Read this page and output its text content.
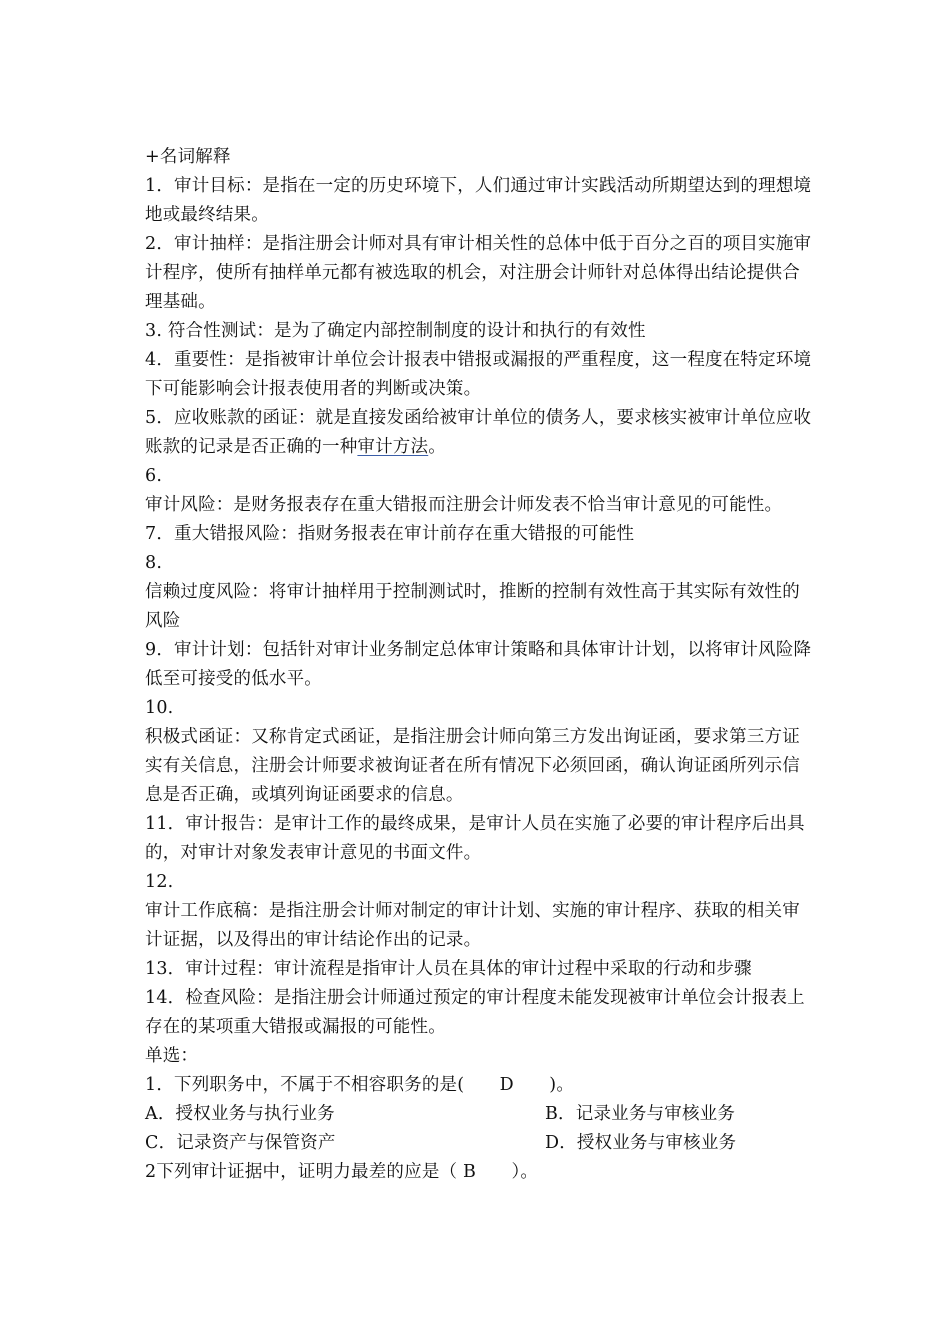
+名词解释

1．审计目标：是指在一定的历史环境下，人们通过审计实践活动所期望达到的理想境地或最终结果。

2．审计抽样：是指注册会计师对具有审计相关性的总体中低于百分之百的项目实施审计程序，使所有抽样单元都有被选取的机会，对注册会计师针对总体得出结论提供合理基础。

3. 符合性测试：是为了确定内部控制制度的设计和执行的有效性

4．重要性：是指被审计单位会计报表中错报或漏报的严重程度，这一程度在特定环境下可能影响会计报表使用者的判断或决策。

5．应收账款的函证：就是直接发函给被审计单位的债务人，要求核实被审计单位应收账款的记录是否正确的一种审计方法。

6.

审计风险：是财务报表存在重大错报而注册会计师发表不恰当审计意见的可能性。

7．重大错报风险：指财务报表在审计前存在重大错报的可能性

8.

信赖过度风险：将审计抽样用于控制测试时，推断的控制有效性高于其实际有效性的风险

9．审计计划：包括针对审计业务制定总体审计策略和具体审计计划，以将审计风险降低至可接受的低水平。

10.

积极式函证：又称肯定式函证，是指注册会计师向第三方发出询证函，要求第三方证实有关信息，注册会计师要求被询证者在所有情况下必须回函，确认询证函所列示信息是否正确，或填列询证函要求的信息。

11．审计报告：是审计工作的最终成果，是审计人员在实施了必要的审计程序后出具的，对审计对象发表审计意见的书面文件。

12.

审计工作底稿：是指注册会计师对制定的审计计划、实施的审计程序、获取的相关审计证据，以及得出的审计结论作出的记录。

13．审计过程：审计流程是指审计人员在具体的审计过程中采取的行动和步骤

14．检查风险：是指注册会计师通过预定的审计程度未能发现被审计单位会计报表上存在的某项重大错报或漏报的可能性。

单选：

1．下列职务中，不属于不相容职务的是(　　D　　)。

A．授权业务与执行业务	B．记录业务与审核业务
C．记录资产与保管资产	D．授权业务与审核业务

2下列审计证据中，证明力最差的应是（ B　　）。
